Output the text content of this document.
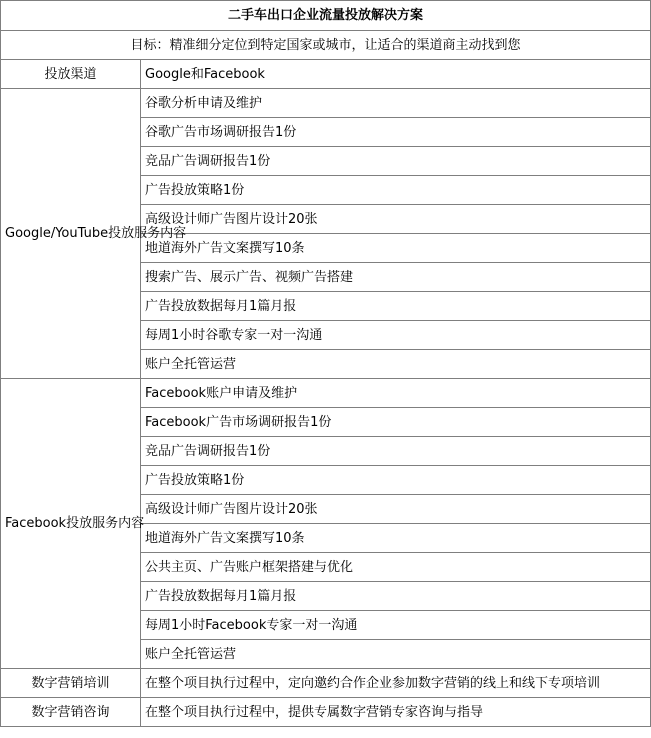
二手车出口企业流量投放解决方案	
目标：精准细分定位到特定国家或城市，让适合的渠道商主动找到您	
投放渠道	Google和Facebook
Google/YouTube投放服务内容	谷歌分析申请及维护
	谷歌广告市场调研报告1份
	竞品广告调研报告1份
	广告投放策略1份
	高级设计师广告图片设计20张
	地道海外广告文案撰写10条
	搜索广告、展示广告、视频广告搭建
	广告投放数据每月1篇月报
	每周1小时谷歌专家一对一沟通
	账户全托管运营
Facebook投放服务内容	Facebook账户申请及维护
	Facebook广告市场调研报告1份
	竞品广告调研报告1份
	广告投放策略1份
	高级设计师广告图片设计20张
	地道海外广告文案撰写10条
	公共主页、广告账户框架搭建与优化
	广告投放数据每月1篇月报
	每周1小时Facebook专家一对一沟通
	账户全托管运营
数字营销培训	在整个项目执行过程中，定向邀约合作企业参加数字营销的线上和线下专项培训
数字营销咨询	在整个项目执行过程中，提供专属数字营销专家咨询与指导
